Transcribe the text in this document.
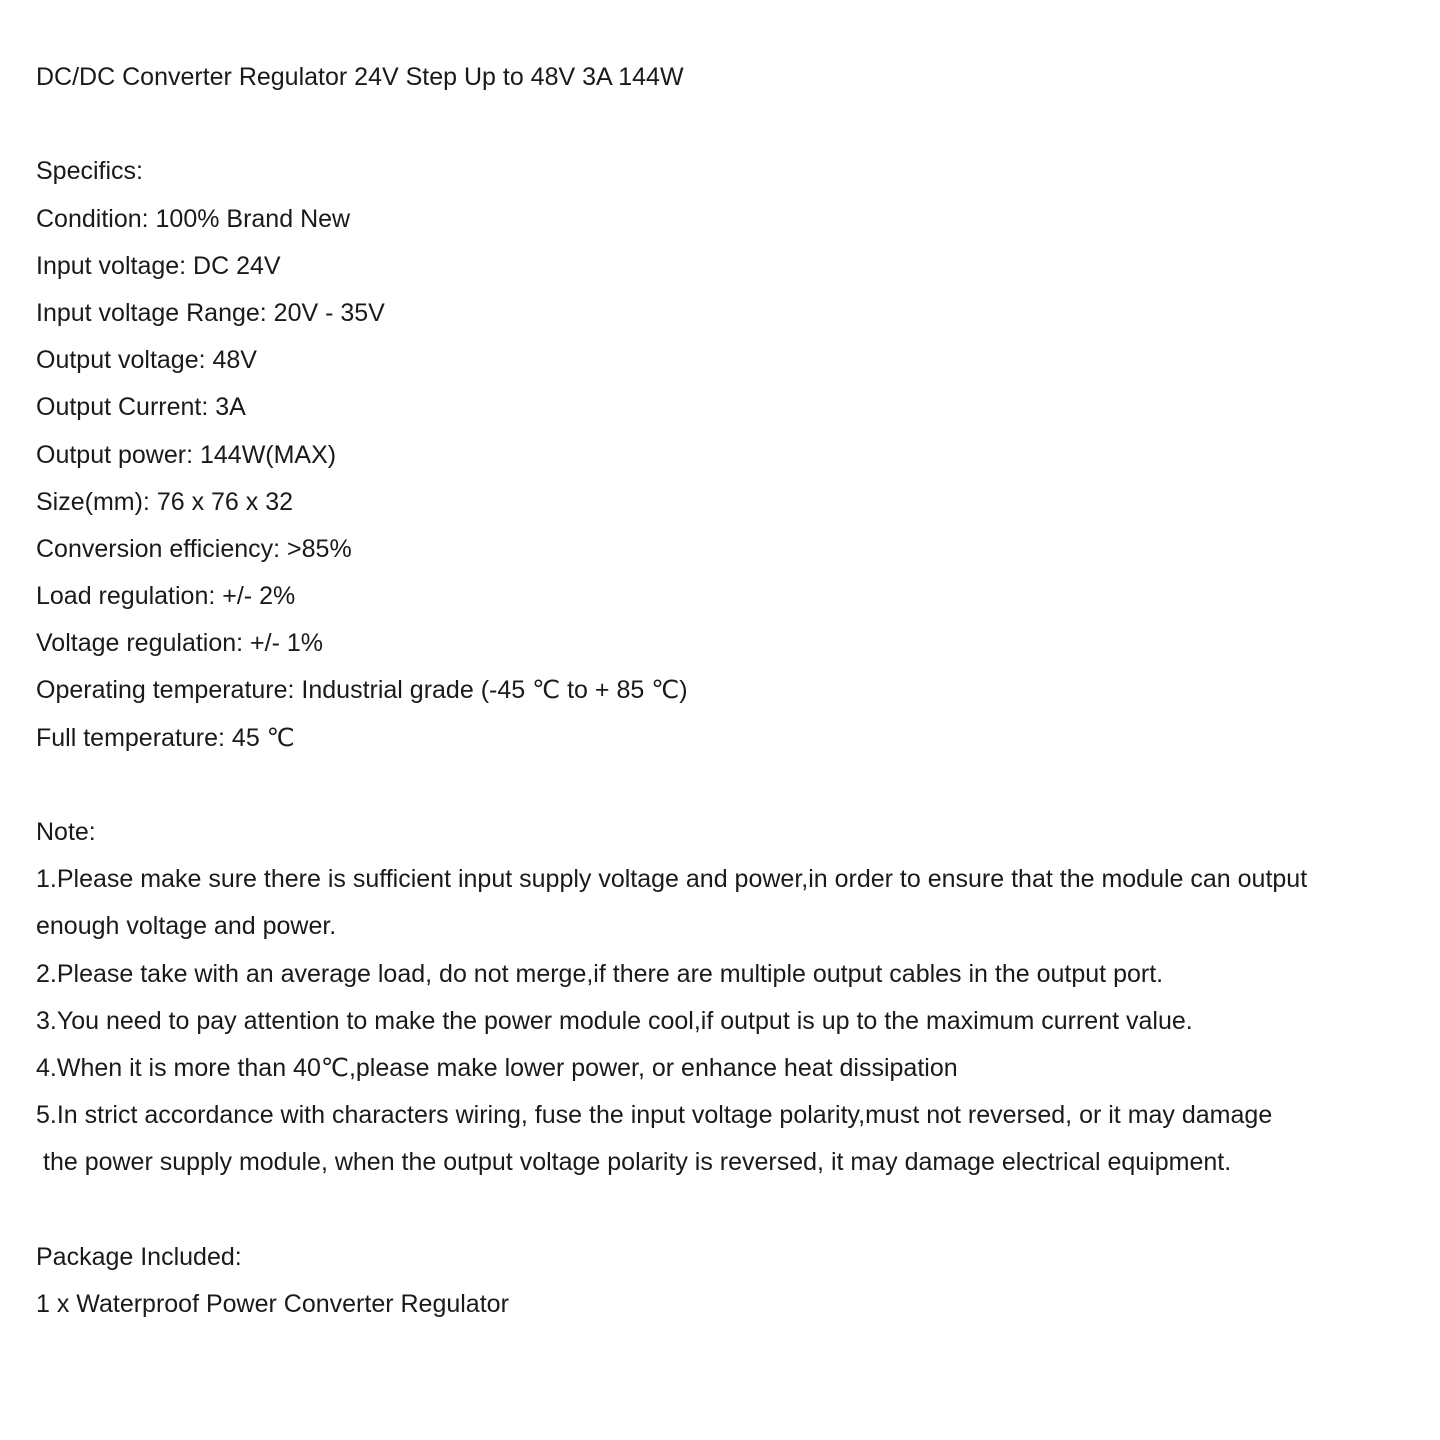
DC/DC Converter Regulator 24V Step Up to 48V 3A 144W
Specifics:
Condition: 100% Brand New
Input voltage: DC 24V
Input voltage Range: 20V - 35V
Output voltage: 48V
Output Current: 3A
Output power: 144W(MAX)
Size(mm): 76 x 76 x 32
Conversion efficiency: >85%
Load regulation: +/- 2%
Voltage regulation: +/- 1%
Operating temperature: Industrial grade (-45 ℃ to + 85 ℃)
Full temperature: 45 ℃
Note:
1.Please make sure there is sufficient input supply voltage and power,in order to ensure that the module can output
enough voltage and power.
2.Please take with an average load, do not merge,if there are multiple output cables in the output port.
3.You need to pay attention to make the power module cool,if output is up to the maximum current value.
4.When it is more than 40℃,please make lower power, or enhance heat dissipation
5.In strict accordance with characters wiring, fuse the input voltage polarity,must not reversed, or it may damage
the power supply module, when the output voltage polarity is reversed, it may damage electrical equipment.
Package Included:
1 x Waterproof Power Converter Regulator
